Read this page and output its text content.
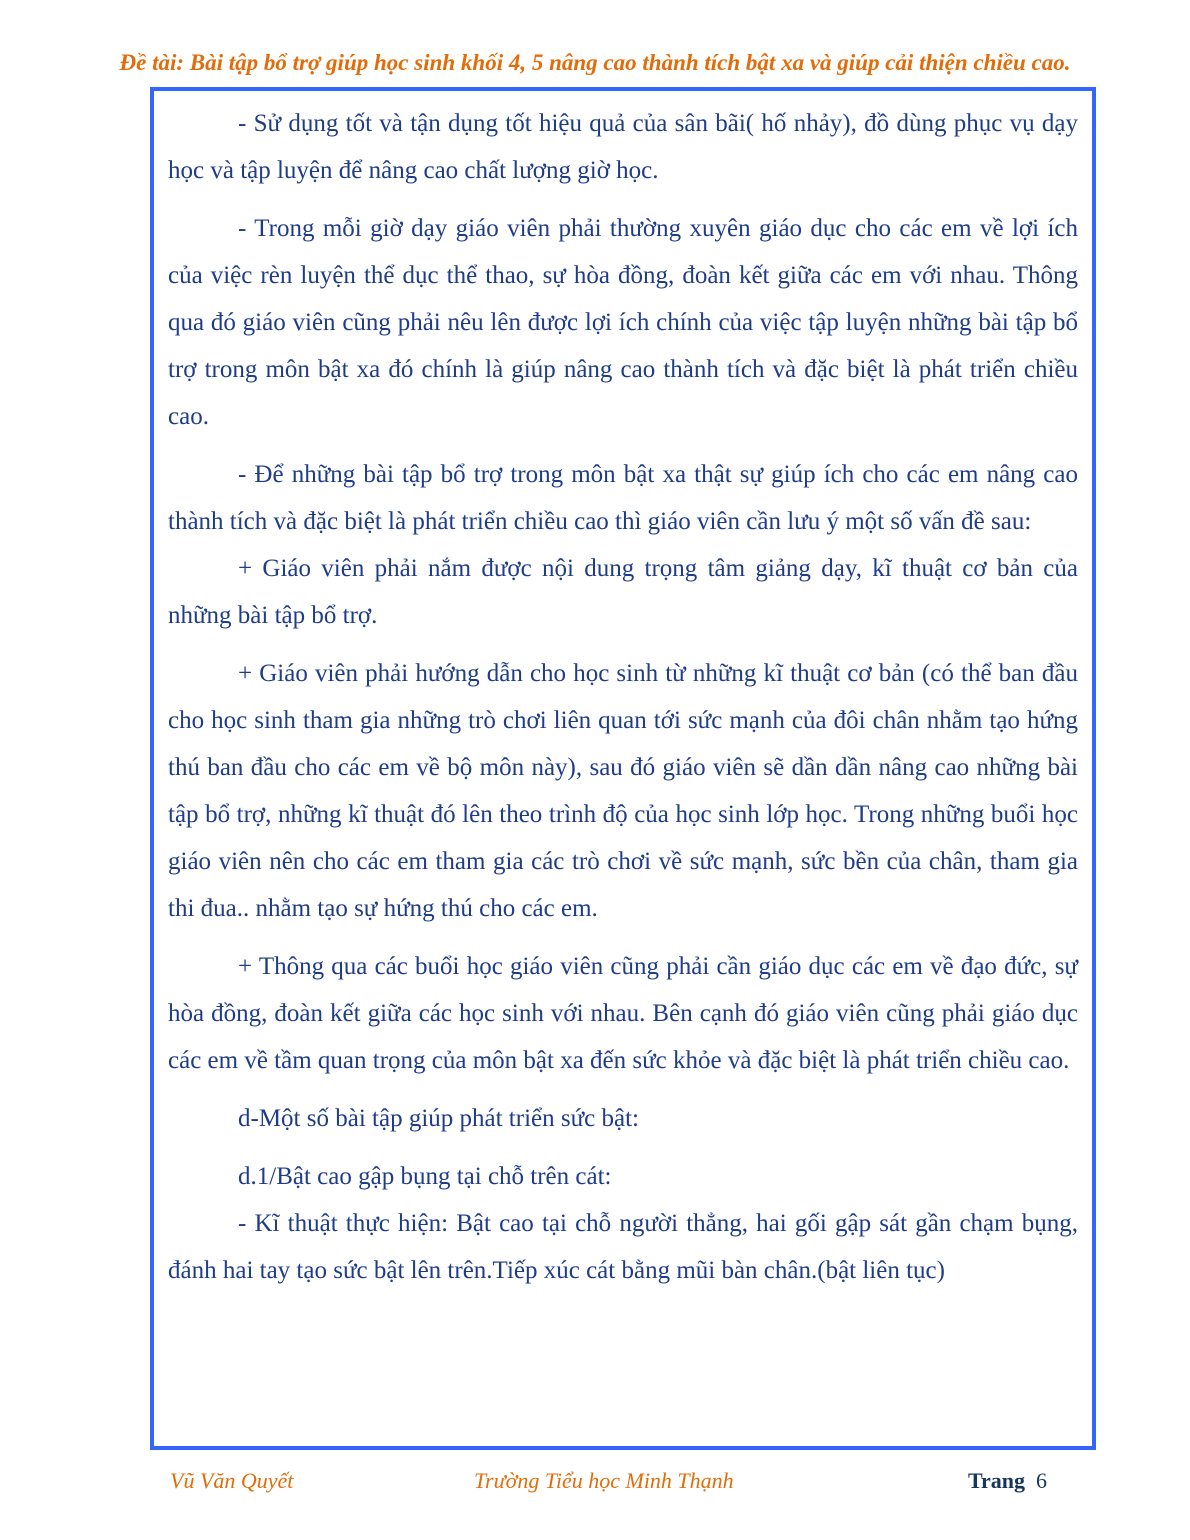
Đề tài: Bài tập bổ trợ giúp học sinh khối 4, 5 nâng cao thành tích bật xa và giúp cải thiện chiều cao.

- Sử dụng tốt và tận dụng tốt hiệu quả của sân bãi( hố nhảy), đồ dùng phục vụ dạy học và tập luyện để nâng cao chất lượng giờ học.

- Trong mỗi giờ dạy giáo viên phải thường xuyên giáo dục cho các em về lợi ích của việc rèn luyện thể dục thể thao, sự hòa đồng, đoàn kết giữa các em với nhau. Thông qua đó giáo viên cũng phải nêu lên được lợi ích chính của việc tập luyện những bài tập bổ trợ trong môn bật xa đó chính là giúp nâng cao thành tích và đặc biệt là phát triển chiều cao.

- Để những bài tập bổ trợ trong môn bật xa thật sự giúp ích cho các em nâng cao thành tích và đặc biệt là phát triển chiều cao thì giáo viên cần lưu ý một số vấn đề sau:

+ Giáo viên phải nắm được nội dung trọng tâm giảng dạy, kĩ thuật cơ bản của những bài tập bổ trợ.

+ Giáo viên phải hướng dẫn cho học sinh từ những kĩ thuật cơ bản (có thể ban đầu cho học sinh tham gia những trò chơi liên quan tới sức mạnh của đôi chân nhằm tạo hứng thú ban đầu cho các em về bộ môn này), sau đó giáo viên sẽ dần dần nâng cao những bài tập bổ trợ, những kĩ thuật đó lên theo trình độ của học sinh lớp học. Trong những buổi học giáo viên nên cho các em tham gia các trò chơi về sức mạnh, sức bền của chân, tham gia thi đua.. nhằm tạo sự hứng thú cho các em.

+ Thông qua các buổi học giáo viên cũng phải cần giáo dục các em về đạo đức, sự hòa đồng, đoàn kết giữa các học sinh với nhau. Bên cạnh đó giáo viên cũng phải giáo dục các em về tầm quan trọng của môn bật xa đến sức khỏe và đặc biệt là phát triển chiều cao.

d-Một số bài tập giúp phát triển sức bật:

d.1/Bật cao gập bụng tại chỗ trên cát:

- Kĩ thuật thực hiện: Bật cao tại chỗ người thẳng, hai gối gập sát gần chạm bụng, đánh hai tay tạo sức bật lên trên.Tiếp xúc cát bằng mũi bàn chân.(bật liên tục)

Vũ Văn Quyết	Trường Tiểu học Minh Thạnh	Trang 6
